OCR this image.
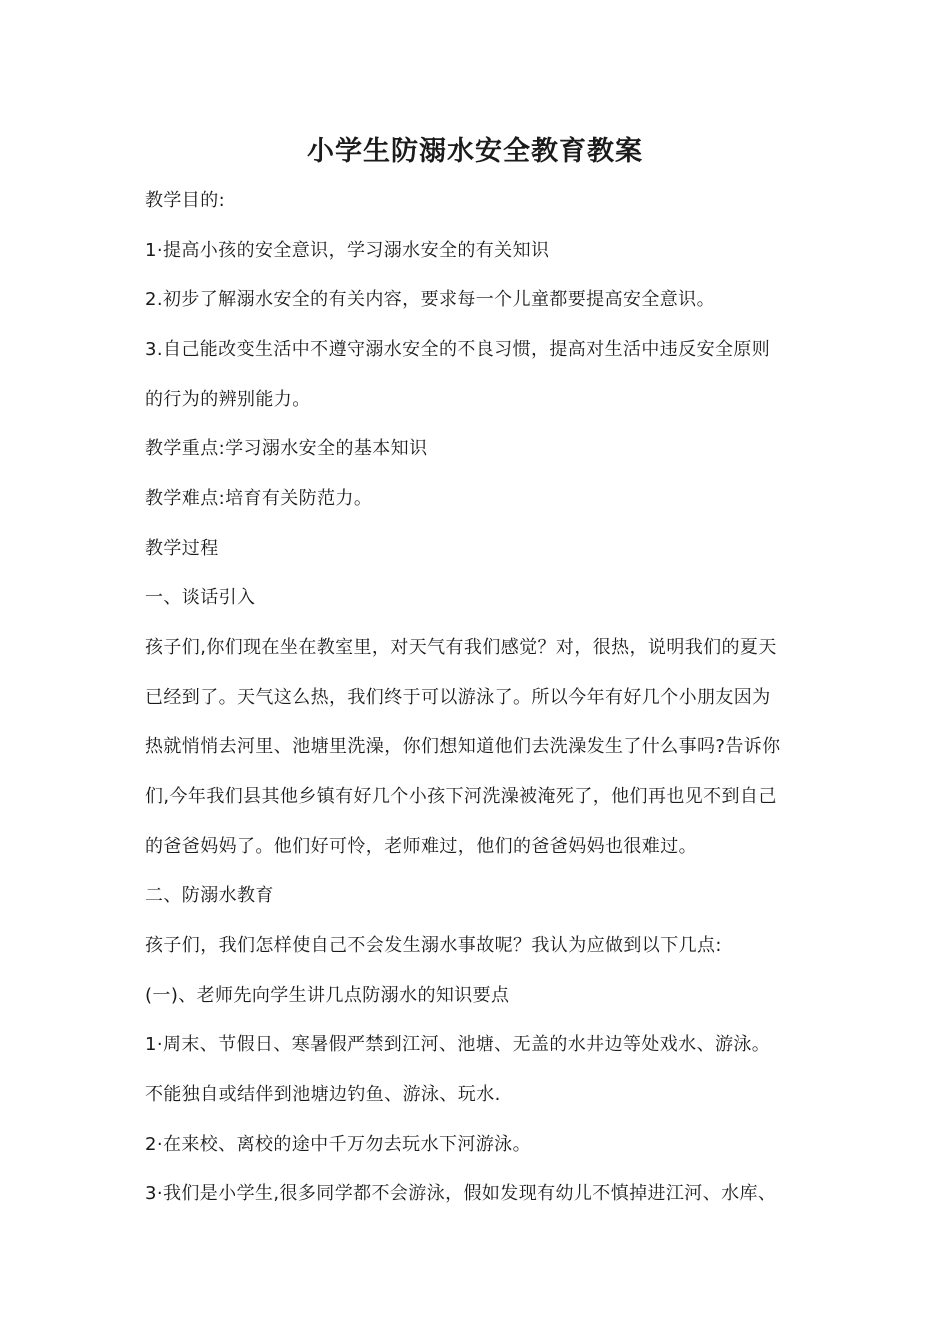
小学生防溺水安全教育教案
教学目的:
1·提高小孩的安全意识，学习溺水安全的有关知识
2.初步了解溺水安全的有关内容，要求每一个儿童都要提高安全意识。
3.自己能改变生活中不遵守溺水安全的不良习惯，提高对生活中违反安全原则
的行为的辨别能力。
教学重点:学习溺水安全的基本知识
教学难点:培育有关防范力。
教学过程
一、谈话引入
孩子们,你们现在坐在教室里，对天气有我们感觉？对，很热，说明我们的夏天
已经到了。天气这么热，我们终于可以游泳了。所以今年有好几个小朋友因为
热就悄悄去河里、池塘里洗澡，你们想知道他们去洗澡发生了什么事吗?告诉你
们,今年我们县其他乡镇有好几个小孩下河洗澡被淹死了，他们再也见不到自己
的爸爸妈妈了。他们好可怜，老师难过，他们的爸爸妈妈也很难过。
二、防溺水教育
孩子们，我们怎样使自己不会发生溺水事故呢？我认为应做到以下几点:
(一)、老师先向学生讲几点防溺水的知识要点
1·周末、节假日、寒暑假严禁到江河、池塘、无盖的水井边等处戏水、游泳。
不能独自或结伴到池塘边钓鱼、游泳、玩水.
2·在来校、离校的途中千万勿去玩水下河游泳。
3·我们是小学生,很多同学都不会游泳，假如发现有幼儿不慎掉进江河、水库、
